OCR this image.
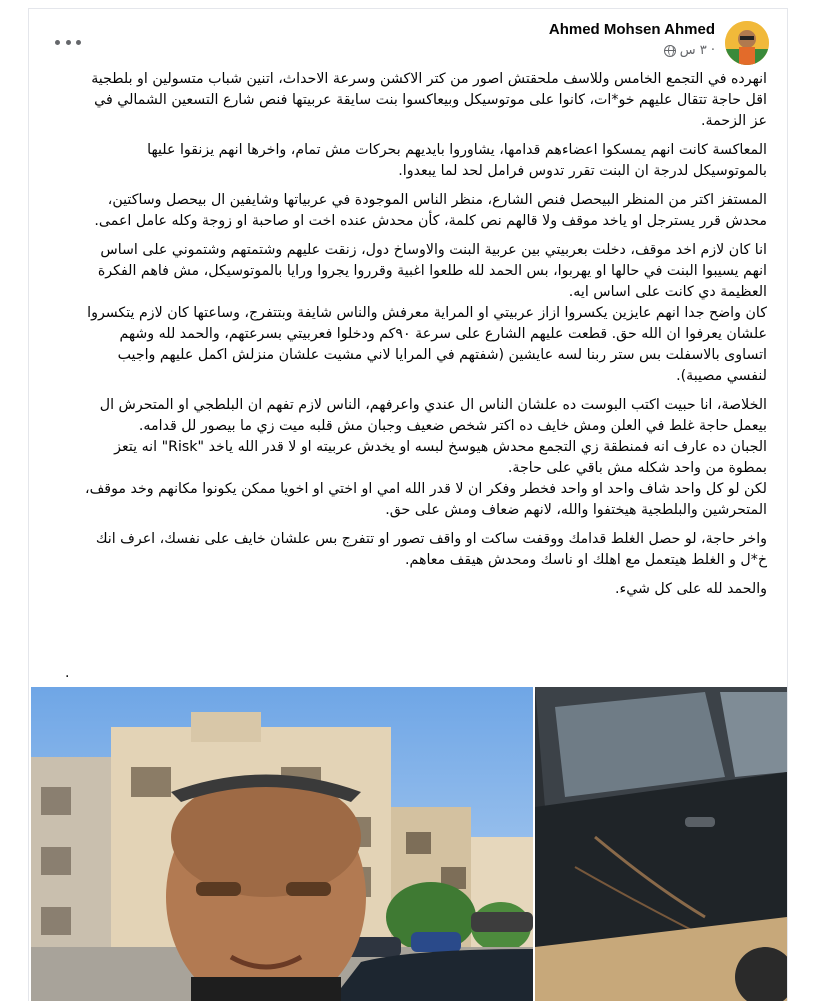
Ahmed Mohsen Ahmed
٣ س ·

انهرده في التجمع الخامس وللاسف ملحقتش اصور من كتر الاكشن وسرعة الاحداث، اتنين شباب متسولين او بلطجية اقل حاجة تتقال عليهم خو*ات، كانوا على موتوسيكل وبيعاكسوا بنت سايقة عربيتها فنص شارع التسعين الشمالي في عز الزحمة.

المعاكسة كانت انهم يمسكوا اعضاءهم قدامها، يشاوروا بايديهم بحركات مش تمام، واخرها انهم يزنقوا عليها بالموتوسيكل لدرجة ان البنت تقرر تدوس فرامل لحد لما يبعدوا.

المستفز اكتر من المنظر البيحصل فنص الشارع، منظر الناس الموجودة في عربياتها وشايفين ال بيحصل وساكتين، محدش قرر يسترجل او ياخد موقف ولا قالهم نص كلمة، كأن محدش عنده اخت او صاحبة او زوجة وكله عامل اعمى.

انا كان لازم اخد موقف، دخلت بعربيتي بين عربية البنت والاوساخ دول، زنقت عليهم وشتمتهم وشتموني على اساس انهم يسيبوا البنت في حالها او يهربوا، بس الحمد لله طلعوا اغبية وقرروا يجروا ورايا بالموتوسيكل، مش فاهم الفكرة العظيمة دي كانت على اساس ايه.

كان واضح جدا انهم عايزين يكسروا ازاز عربيتي او المراية معرفش والناس شايفة وبتتفرج، وساعتها كان لازم يتكسروا علشان يعرفوا ان الله حق. قطعت عليهم الشارع على سرعة ٩٠كم ودخلوا فعربيتي بسرعتهم، والحمد لله وشهم اتساوى بالاسفلت بس ستر ربنا لسه عايشين (شفتهم في المرايا لاني مشيت علشان منزلش اكمل عليهم واجيب لنفسي مصيبة).

الخلاصة، انا حبيت اكتب البوست ده علشان الناس ال عندي واعرفهم، الناس لازم تفهم ان البلطجي او المتحرش ال بيعمل حاجة غلط في العلن ومش خايف ده اكتر شخص ضعيف وجبان مش قلبه ميت زي ما بيصور لل قدامه.

الجبان ده عارف انه فمنطقة زي التجمع محدش هيوسخ لبسه او يخدش عربيته او لا قدر الله ياخد "Risk" انه يتعز بمطوة من واحد شكله مش باقي على حاجة.

لكن لو كل واحد شاف واحد او واحد فخطر وفكر ان لا قدر الله امي او اختي او اخويا ممكن يكونوا مكانهم وخد موقف، المتحرشين والبلطجية هيختفوا والله، لانهم ضعاف ومش على حق.

واخر حاجة، لو حصل الغلط قدامك ووقفت ساكت او واقف تصور او تتفرج بس علشان خايف على نفسك، اعرف انك خ*ل و الغلط هيتعمل مع اهلك او ناسك ومحدش هيقف معاهم.

والحمد لله على كل شيء.

.
